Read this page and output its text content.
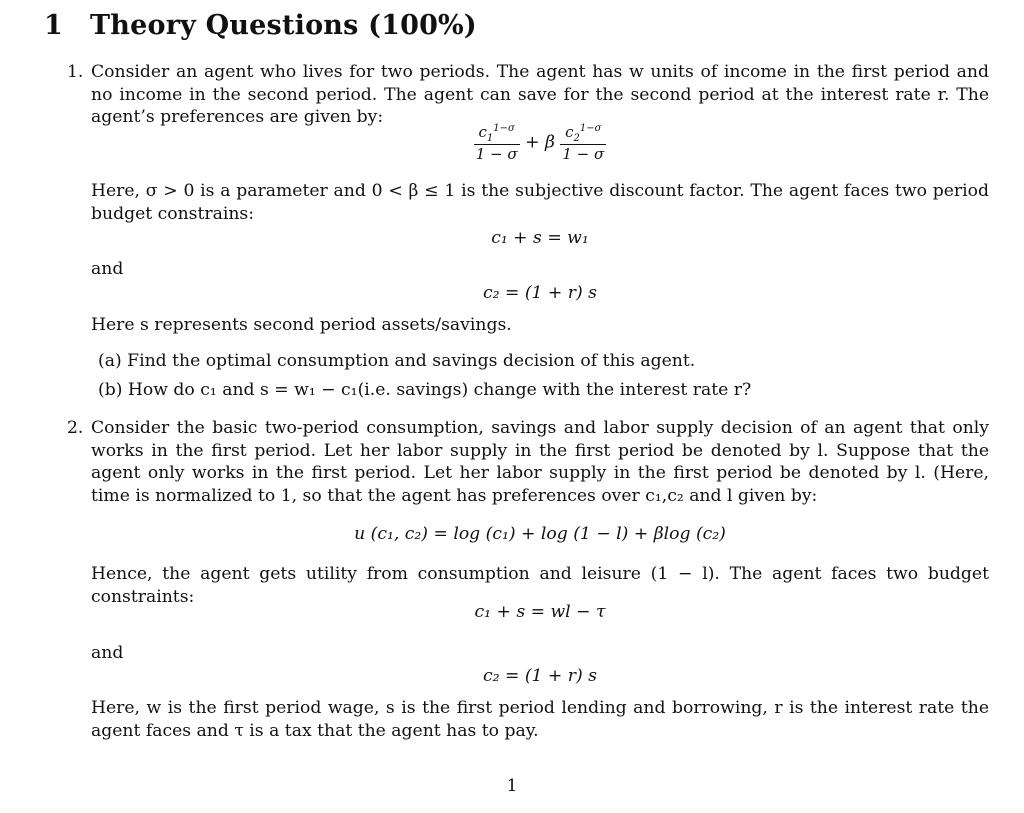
1 Theory Questions (100%)
1. Consider an agent who lives for two periods. The agent has w units of income in the first period and no income in the second period. The agent can save for the second period at the interest rate r. The agent’s preferences are given by:
$\frac{c_1^{1-\sigma}}{1 - \sigma} + \beta \frac{c_2^{1-\sigma}}{1 - \sigma}$
Here, σ > 0 is a parameter and 0 < β ≤ 1 is the subjective discount factor. The agent faces two period budget constrains:
c₁ + s = w₁
and
c₂ = (1 + r) s
Here s represents second period assets/savings.
(a) Find the optimal consumption and savings decision of this agent.
(b) How do c₁ and s = w₁ − c₁(i.e. savings) change with the interest rate r?
2. Consider the basic two-period consumption, savings and labor supply decision of an agent that only works in the first period. Let her labor supply in the first period be denoted by l. Suppose that the agent only works in the first period. Let her labor supply in the first period be denoted by l. (Here, time is normalized to 1, so that the agent has preferences over c₁,c₂ and l given by:
u (c₁, c₂) = log (c₁) + log (1 − l) + βlog (c₂)
Hence, the agent gets utility from consumption and leisure (1 − l). The agent faces two budget constraints:
c₁ + s = wl − τ
and
c₂ = (1 + r) s
Here, w is the first period wage, s is the first period lending and borrowing, r is the interest rate the agent faces and τ is a tax that the agent has to pay.
1
